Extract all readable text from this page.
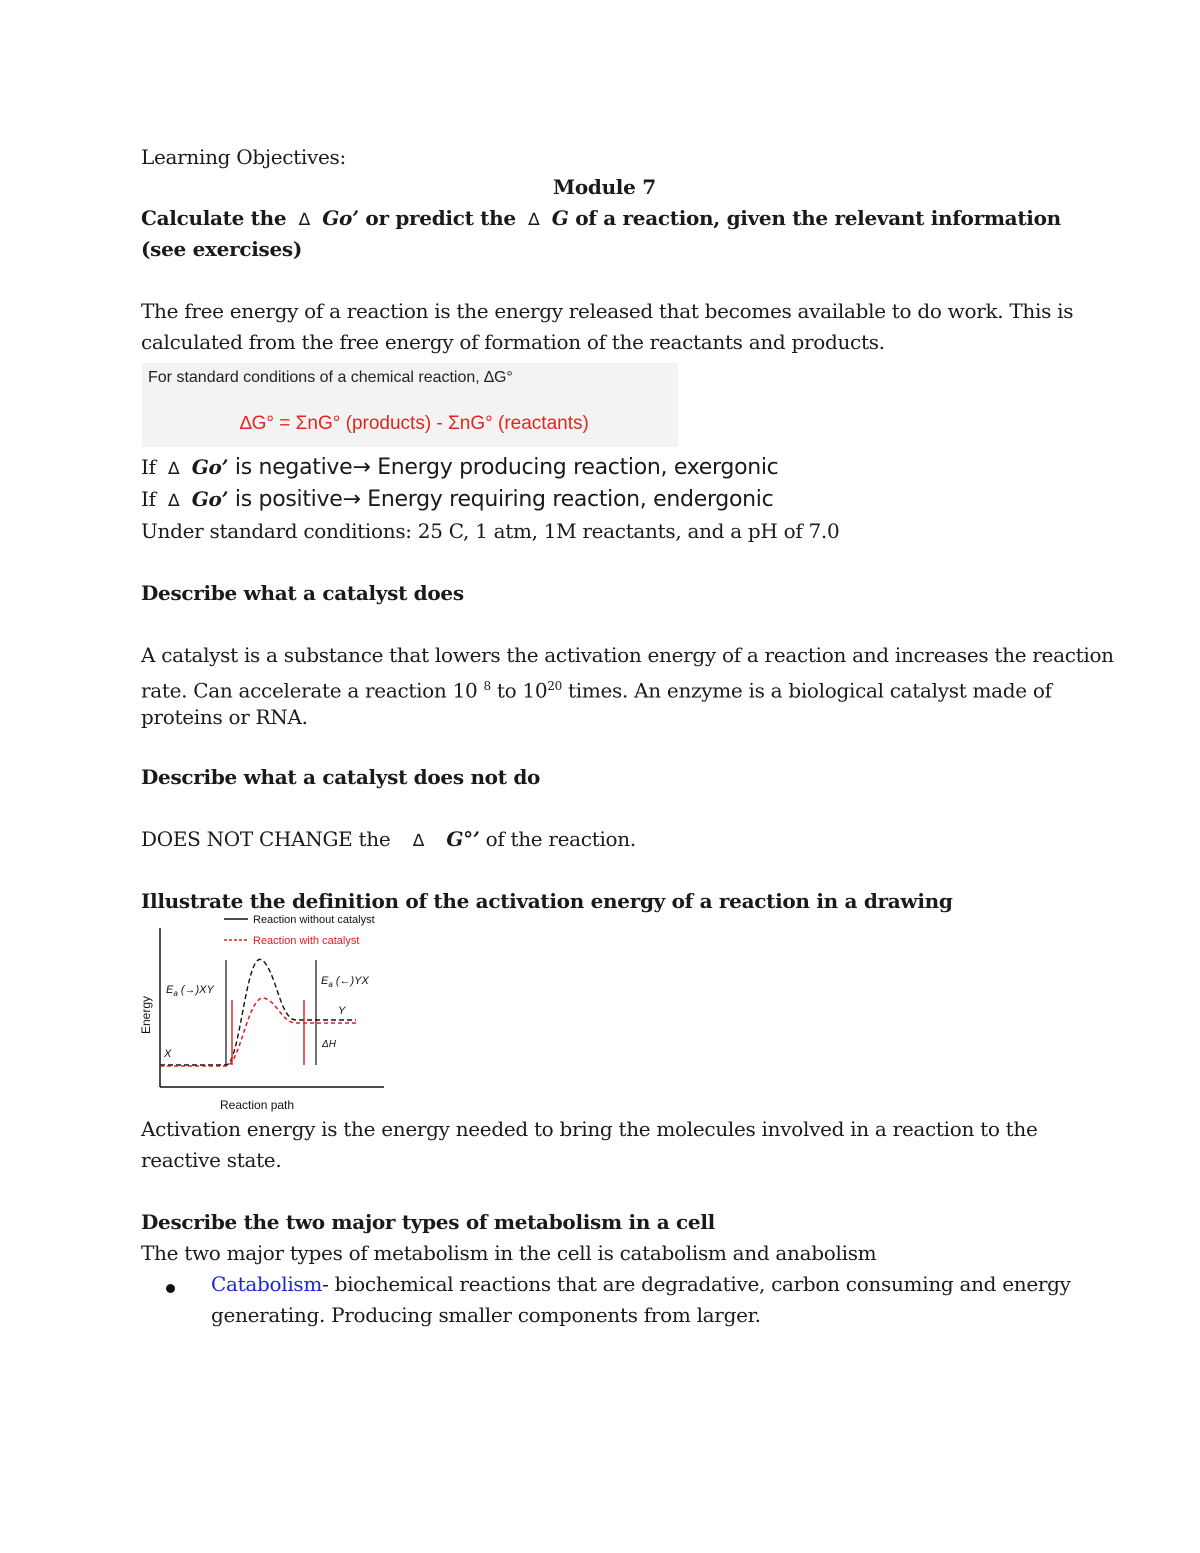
Learning Objectives:
Module 7
Calculate the ∆ Go’ or predict the ∆ G of a reaction, given the relevant information
(see exercises)
The free energy of a reaction is the energy released that becomes available to do work. This is
calculated from the free energy of formation of the reactants and products.
For standard conditions of a chemical reaction, ∆G°
∆G° = ΣnG° (products) - ΣnG° (reactants)
If ∆ Go’ is negative→ Energy producing reaction, exergonic
If ∆ Go’ is positive→ Energy requiring reaction, endergonic
Under standard conditions: 25 C, 1 atm, 1M reactants, and a pH of 7.0
Describe what a catalyst does
A catalyst is a substance that lowers the activation energy of a reaction and increases the reaction
rate. Can accelerate a reaction 10 $^8$ to $10^{20}$ times. An enzyme is a biological catalyst made of
proteins or RNA.
Describe what a catalyst does not do
DOES NOT CHANGE the ∆ G°’ of the reaction.
Illustrate the definition of the activation energy of a reaction in a drawing
Reaction without catalyst
Reaction with catalyst
Energy
Reaction path
$E_a$ (→)XY
$E_a$ (←)YX
Y
X
ΔH
Activation energy is the energy needed to bring the molecules involved in a reaction to the
reactive state.
Describe the two major types of metabolism in a cell
The two major types of metabolism in the cell is catabolism and anabolism
Catabolism- biochemical reactions that are degradative, carbon consuming and energy
generating. Producing smaller components from larger.
